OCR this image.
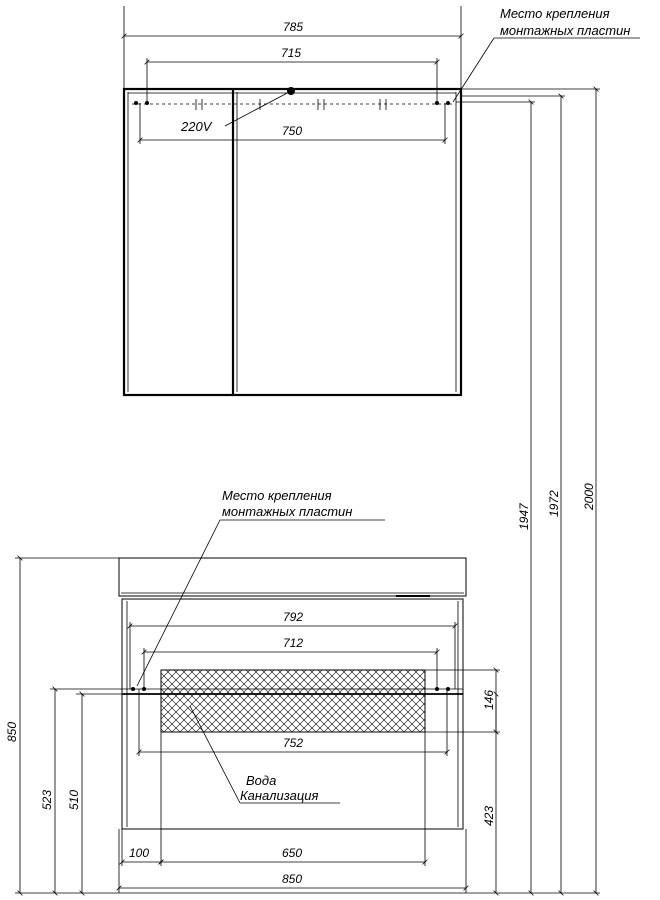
220V
785
715
750
Место крепления
монтажных пластин
1947 1972 2000
Место крепления
монтажных пластин
792
712
752
146
423
850
523 510
100	650
850
Вода
Канализация
